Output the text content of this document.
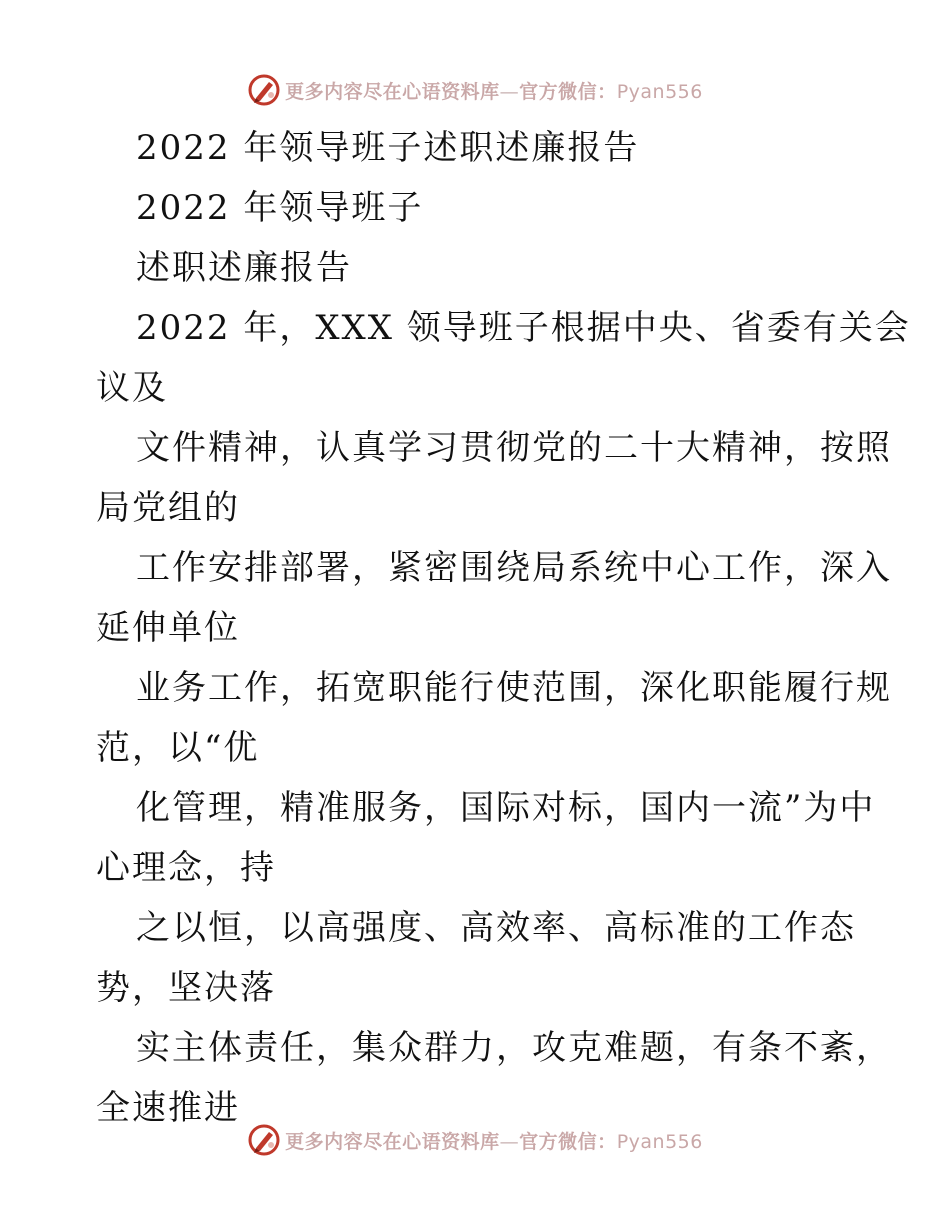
更多内容尽在心语资料库—官方微信：Pyan556
2022 年领导班子述职述廉报告
2022 年领导班子
述职述廉报告
2022 年，XXX 领导班子根据中央、省委有关会
议及
文件精神，认真学习贯彻党的二十大精神，按照
局党组的
工作安排部署，紧密围绕局系统中心工作，深入
延伸单位
业务工作，拓宽职能行使范围，深化职能履行规
范，以“优
化管理，精准服务，国际对标，国内一流”为中
心理念，持
之以恒，以高强度、高效率、高标准的工作态
势，坚决落
实主体责任，集众群力，攻克难题，有条不紊，
全速推进
更多内容尽在心语资料库—官方微信：Pyan556
